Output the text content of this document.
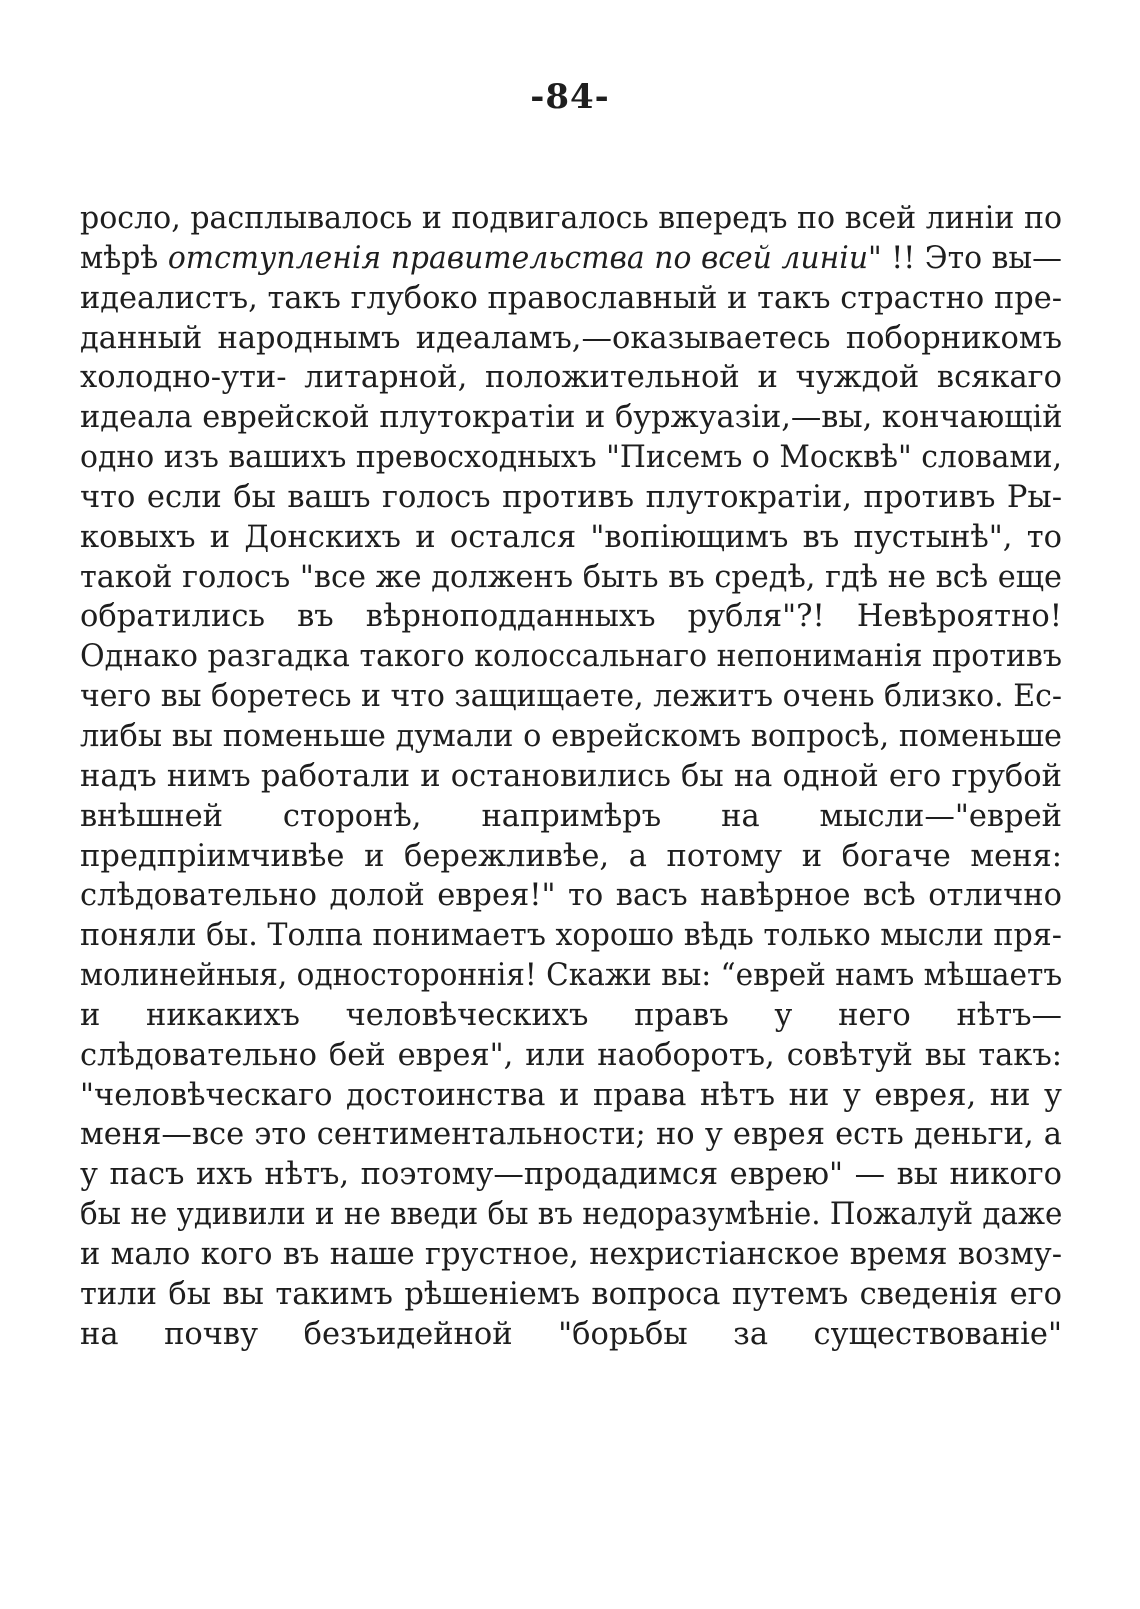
-84-
росло, расплывалось и подвигалось впередъ по всей линіи по
мѣрѣ отступленія правительства по всей линіи" !! Это вы—
идеалистъ, такъ глубоко православный и такъ страстно пре-
данный народнымъ идеаламъ,—оказываетесь поборникомъ
холодно-ути- литарной, положительной и чуждой всякаго
идеала еврейской плутократіи и буржуазіи,—вы, кончающій
одно изъ вашихъ превосходныхъ "Писемъ о Москвѣ" словами,
что если бы вашъ голосъ противъ плутократіи, противъ Ры-
ковыхъ и Донскихъ и остался "вопіющимъ въ пустынѣ", то
такой голосъ "все же долженъ быть въ средѣ, гдѣ не всѣ еще
обратились въ вѣрноподданныхъ рубля"?! Невѣроятно!
Однако разгадка такого колоссальнаго непониманія противъ
чего вы боретесь и что защищаете, лежитъ очень близко. Ес-
либы вы поменьше думали о еврейскомъ вопросѣ, поменьше
надъ нимъ работали и остановились бы на одной его грубой
внѣшней сторонѣ, напримѣръ на мысли—"еврей
предпріимчивѣе и бережливѣе, а потому и богаче меня:
слѣдовательно долой еврея!" то васъ навѣрное всѣ отлично
поняли бы. Толпа понимаетъ хорошо вѣдь только мысли пря-
молинейныя, одностороннія! Скажи вы: “еврей намъ мѣшаетъ
и никакихъ человѣческихъ правъ у него нѣтъ—
слѣдовательно бей еврея", или наоборотъ, совѣтуй вы такъ:
"человѣческаго достоинства и права нѣтъ ни у еврея, ни у
меня—все это сентиментальности; но у еврея есть деньги, а
у пасъ ихъ нѣтъ, поэтому—продадимся еврею" — вы никого
бы не удивили и не введи бы въ недоразумѣніе. Пожалуй даже
и мало кого въ наше грустное, нехристіанское время возму-
тили бы вы такимъ рѣшеніемъ вопроса путемъ сведенія его
на почву безъидейной "борьбы за существованіе"
